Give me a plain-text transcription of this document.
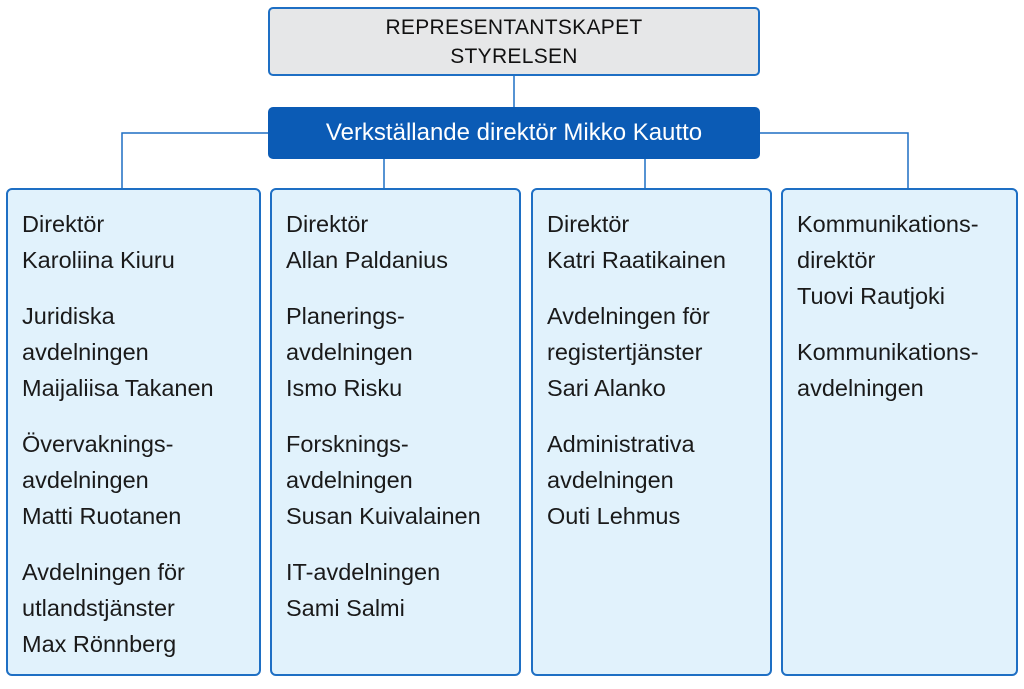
REPRESENTANTSKAPET
STYRELSEN
Verkställande direktör Mikko Kautto
Direktör
Karoliina Kiuru
Juridiska
avdelningen
Maijaliisa Takanen
Övervaknings-
avdelningen
Matti Ruotanen
Avdelningen för
utlandstjänster
Max Rönnberg
Direktör
Allan Paldanius
Planerings-
avdelningen
Ismo Risku
Forsknings-
avdelningen
Susan Kuivalainen
IT-avdelningen
Sami Salmi
Direktör
Katri Raatikainen
Avdelningen för
registertjänster
Sari Alanko
Administrativa
avdelningen
Outi Lehmus
Kommunikations-
direktör
Tuovi Rautjoki
Kommunikations-
avdelningen
